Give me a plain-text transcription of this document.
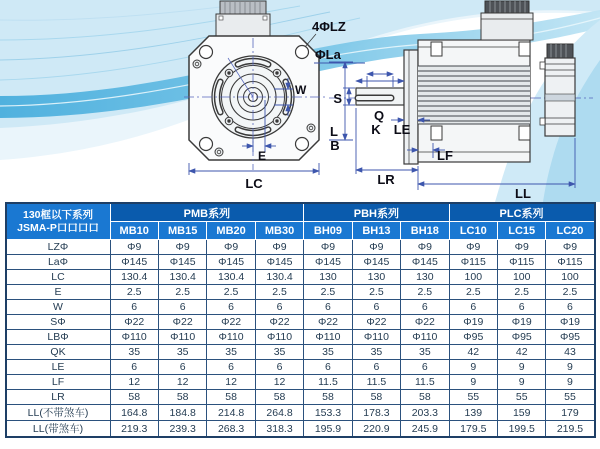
4ΦLZ
ΦLa
W
E
LC
S
Q
K LE
L
B
LF
LR
LL
130框以下系列
JSMA-P口口口口	PMB系列				PBH系列			PLC系列		
	MB10	MB15	MB20	MB30	BH09	BH13	BH18	LC10	LC15	LC20
LZΦ	Φ9	Φ9	Φ9	Φ9	Φ9	Φ9	Φ9	Φ9	Φ9	Φ9
LaΦ	Φ145	Φ145	Φ145	Φ145	Φ145	Φ145	Φ145	Φ115	Φ115	Φ115
LC	130.4	130.4	130.4	130.4	130	130	130	100	100	100
E	2.5	2.5	2.5	2.5	2.5	2.5	2.5	2.5	2.5	2.5
W	6	6	6	6	6	6	6	6	6	6
SΦ	Φ22	Φ22	Φ22	Φ22	Φ22	Φ22	Φ22	Φ19	Φ19	Φ19
LBΦ	Φ110	Φ110	Φ110	Φ110	Φ110	Φ110	Φ110	Φ95	Φ95	Φ95
QK	35	35	35	35	35	35	35	42	42	43
LE	6	6	6	6	6	6	6	9	9	9
LF	12	12	12	12	11.5	11.5	11.5	9	9	9
LR	58	58	58	58	58	58	58	55	55	55
LL(不带煞车)	164.8	184.8	214.8	264.8	153.3	178.3	203.3	139	159	179
LL(带煞车)	219.3	239.3	268.3	318.3	195.9	220.9	245.9	179.5	199.5	219.5
